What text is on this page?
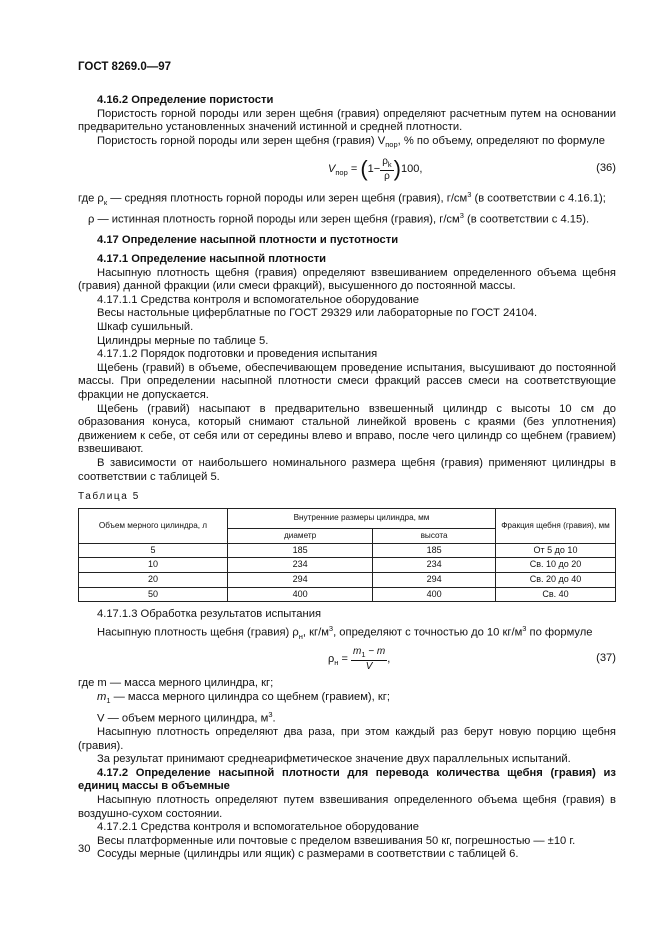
ГОСТ 8269.0—97

4.16.2 Определение пористости

Пористость горной породы или зерен щебня (гравия) определяют расчетным путем на основании предварительно установленных значений истинной и средней плотности.

Пористость горной породы или зерен щебня (гравия) $V_{пор}$, % по объему, определяют по формуле

$V_{пор} = (1- \frac{\rho_k}{\rho} )100$,	(36)

где $\rho_к$ — средняя плотность горной породы или зерен щебня (гравия), $г/см^3$ (в соответствии с 4.16.1);

ρ — истинная плотность горной породы или зерен щебня (гравия), $г/см^3$ (в соответствии с 4.15).

4.17 Определение насыпной плотности и пустотности

4.17.1 Определение насыпной плотности

Насыпную плотность щебня (гравия) определяют взвешиванием определенного объема щебня (гравия) данной фракции (или смеси фракций), высушенного до постоянной массы.

4.17.1.1 Средства контроля и вспомогательное оборудование

Весы настольные циферблатные по ГОСТ 29329 или лабораторные по ГОСТ 24104.

Шкаф сушильный.

Цилиндры мерные по таблице 5.

4.17.1.2 Порядок подготовки и проведения испытания

Щебень (гравий) в объеме, обеспечивающем проведение испытания, высушивают до постоянной массы. При определении насыпной плотности смеси фракций рассев смеси на соответствующие фракции не допускается.

Щебень (гравий) насыпают в предварительно взвешенный цилиндр с высоты 10 см до образования конуса, который снимают стальной линейкой вровень с краями (без уплотнения) движением к себе, от себя или от середины влево и вправо, после чего цилиндр со щебнем (гравием) взвешивают.

В зависимости от наибольшего номинального размера щебня (гравия) применяют цилиндры в соответствии с таблицей 5.

Таблица 5
Объем мерного цилиндра, л	Внутренние размеры цилиндра, мм		Фракция щебня (гравия), мм
	диаметр	высота	
5	185	185	От 5 до 10
10	234	234	Св. 10 до 20
20	294	294	Св. 20 до 40
50	400	400	Св. 40

4.17.1.3 Обработка результатов испытания

Насыпную плотность щебня (гравия) $\rho_н$, $кг/м^3$, определяют с точностью до 10 $кг/м^3$ по формуле

$\rho_н = \frac{m_1 - m}{V}$ ,	(37)

где m — масса мерного цилиндра, кг;

$m_1$ — масса мерного цилиндра со щебнем (гравием), кг;

V — объем мерного цилиндра, $м^3$.

Насыпную плотность определяют два раза, при этом каждый раз берут новую порцию щебня (гравия).

За результат принимают среднеарифметическое значение двух параллельных испытаний.

4.17.2 Определение насыпной плотности для перевода количества щебня (гравия) из единиц массы в объемные

Насыпную плотность определяют путем взвешивания определенного объема щебня (гравия) в воздушно-сухом состоянии.

4.17.2.1 Средства контроля и вспомогательное оборудование

Весы платформенные или почтовые с пределом взвешивания 50 кг, погрешностью — ±10 г.

Сосуды мерные (цилиндры или ящик) с размерами в соответствии с таблицей 6.

30
